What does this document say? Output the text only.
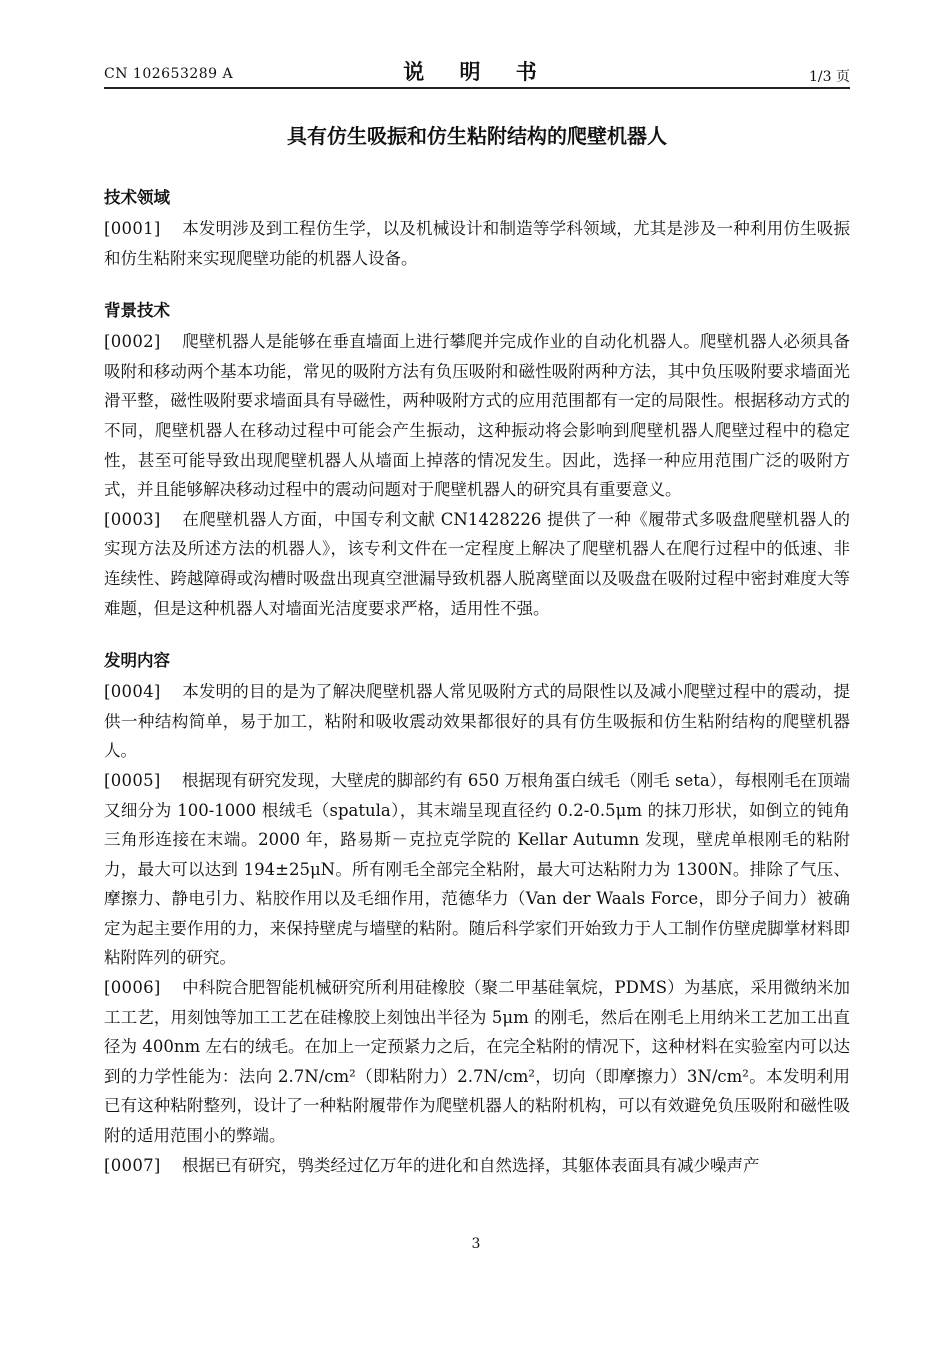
CN 102653289 A	说 明 书	1/3 页
具有仿生吸振和仿生粘附结构的爬壁机器人
技术领域

[0001] 本发明涉及到工程仿生学，以及机械设计和制造等学科领域，尤其是涉及一种利用仿生吸振和仿生粘附来实现爬壁功能的机器人设备。

背景技术

[0002] 爬壁机器人是能够在垂直墙面上进行攀爬并完成作业的自动化机器人。爬壁机器人必须具备吸附和移动两个基本功能，常见的吸附方法有负压吸附和磁性吸附两种方法，其中负压吸附要求墙面光滑平整，磁性吸附要求墙面具有导磁性，两种吸附方式的应用范围都有一定的局限性。根据移动方式的不同，爬壁机器人在移动过程中可能会产生振动，这种振动将会影响到爬壁机器人爬壁过程中的稳定性，甚至可能导致出现爬壁机器人从墙面上掉落的情况发生。因此，选择一种应用范围广泛的吸附方式，并且能够解决移动过程中的震动问题对于爬壁机器人的研究具有重要意义。

[0003] 在爬壁机器人方面，中国专利文献 CN1428226 提供了一种《履带式多吸盘爬壁机器人的实现方法及所述方法的机器人》，该专利文件在一定程度上解决了爬壁机器人在爬行过程中的低速、非连续性、跨越障碍或沟槽时吸盘出现真空泄漏导致机器人脱离壁面以及吸盘在吸附过程中密封难度大等难题，但是这种机器人对墙面光洁度要求严格，适用性不强。

发明内容

[0004] 本发明的目的是为了解决爬壁机器人常见吸附方式的局限性以及减小爬壁过程中的震动，提供一种结构简单，易于加工，粘附和吸收震动效果都很好的具有仿生吸振和仿生粘附结构的爬壁机器人。

[0005] 根据现有研究发现，大壁虎的脚部约有 650 万根角蛋白绒毛（刚毛 seta），每根刚毛在顶端又细分为 100-1000 根绒毛（spatula），其末端呈现直径约 0.2-0.5μm 的抹刀形状，如倒立的钝角三角形连接在末端。2000 年，路易斯－克拉克学院的 Kellar Autumn 发现，壁虎单根刚毛的粘附力，最大可以达到 194±25μN。所有刚毛全部完全粘附，最大可达粘附力为 1300N。排除了气压、摩擦力、静电引力、粘胶作用以及毛细作用，范德华力（Van der Waals Force，即分子间力）被确定为起主要作用的力，来保持壁虎与墙壁的粘附。随后科学家们开始致力于人工制作仿壁虎脚掌材料即粘附阵列的研究。

[0006] 中科院合肥智能机械研究所利用硅橡胶（聚二甲基硅氧烷，PDMS）为基底，采用微纳米加工工艺，用刻蚀等加工工艺在硅橡胶上刻蚀出半径为 5μm 的刚毛，然后在刚毛上用纳米工艺加工出直径为 400nm 左右的绒毛。在加上一定预紧力之后，在完全粘附的情况下，这种材料在实验室内可以达到的力学性能为：法向 2.7N/cm²（即粘附力）2.7N/cm²，切向（即摩擦力）3N/cm²。本发明利用已有这种粘附整列，设计了一种粘附履带作为爬壁机器人的粘附机构，可以有效避免负压吸附和磁性吸附的适用范围小的弊端。

[0007] 根据已有研究，鸮类经过亿万年的进化和自然选择，其躯体表面具有减少噪声产

3
